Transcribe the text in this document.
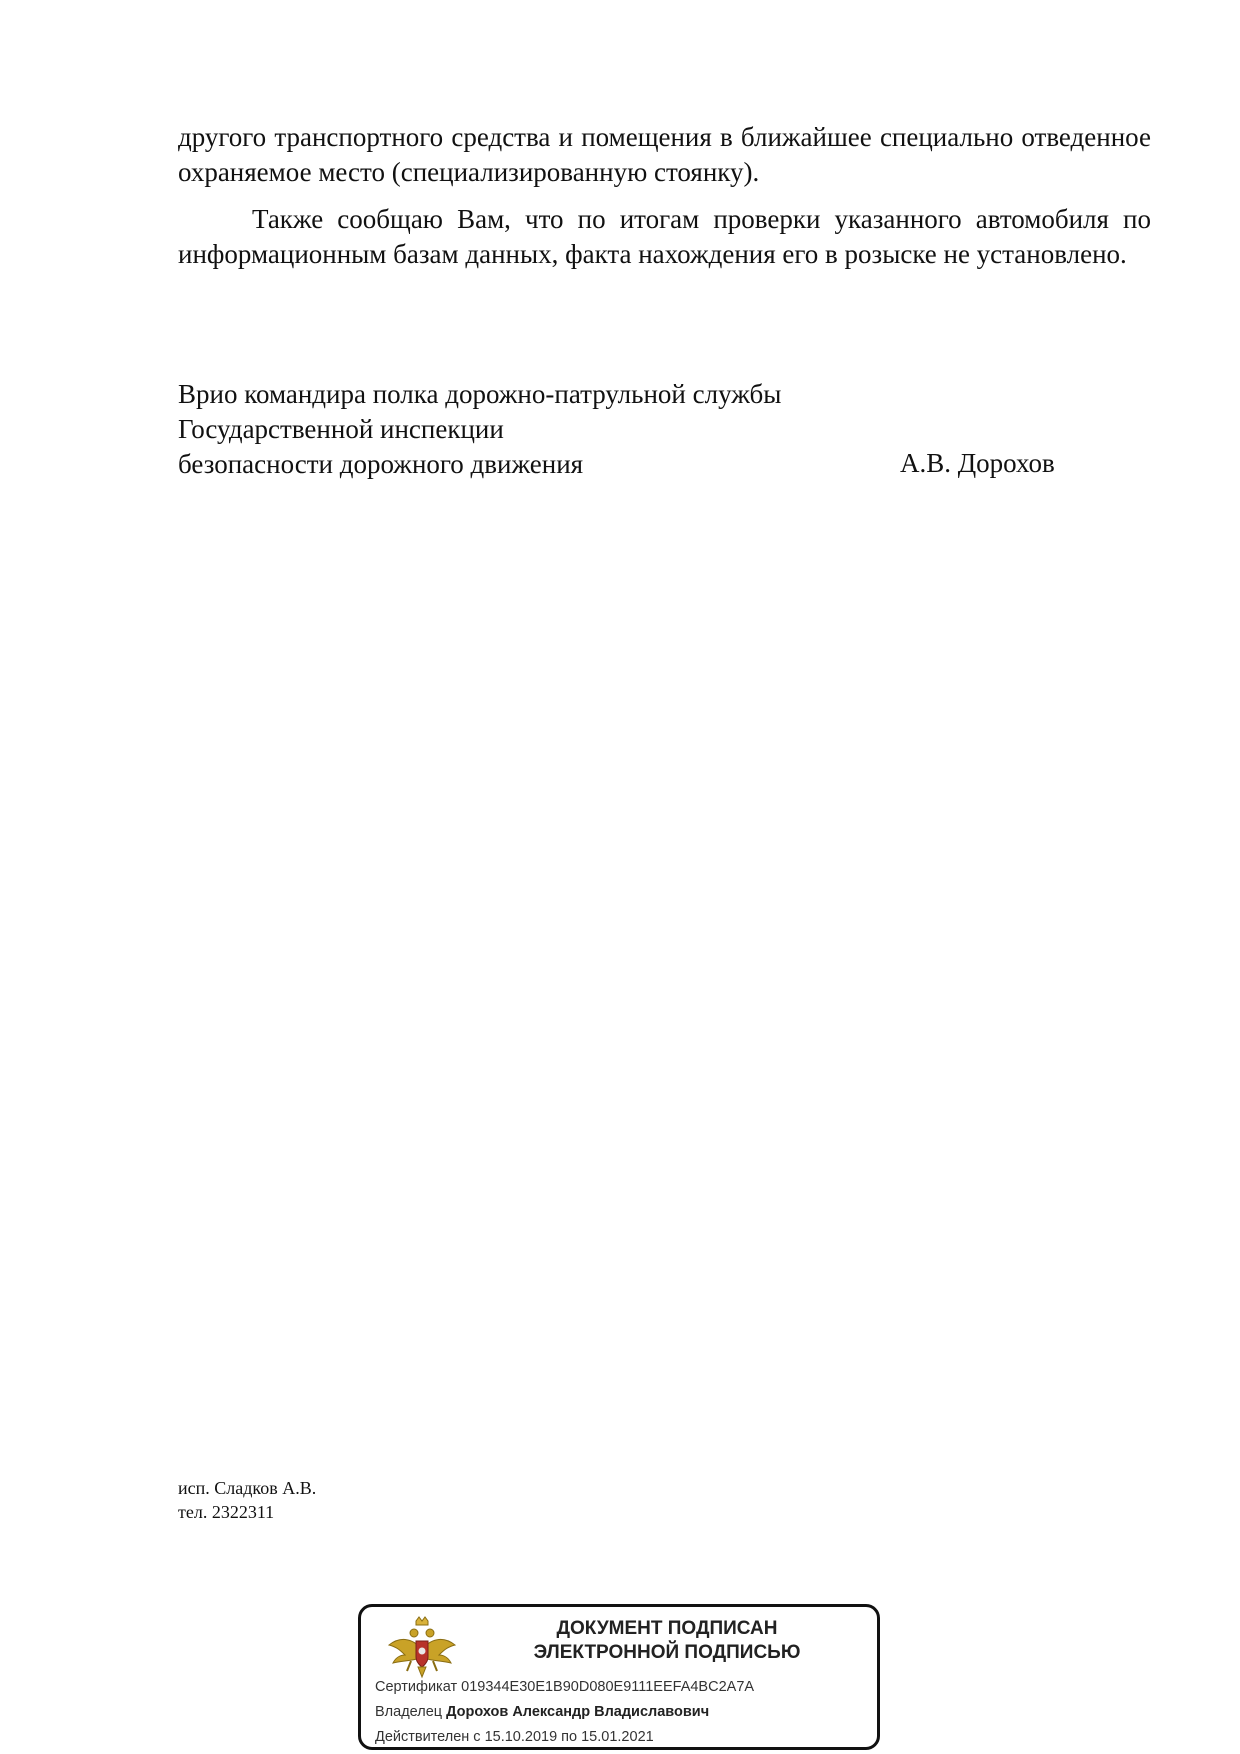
другого транспортного средства и помещения в ближайшее специально отведенное охраняемое место (специализированную стоянку).
Также сообщаю Вам, что по итогам проверки указанного автомобиля по информационным базам данных, факта нахождения его в розыске не установлено.
Врио командира полка дорожно-патрульной службы
Государственной инспекции
безопасности дорожного движения	А.В. Дорохов
исп. Сладков А.В.
тел. 2322311
ДОКУМЕНТ ПОДПИСАН
ЭЛЕКТРОННОЙ ПОДПИСЬЮ
Сертификат 019344E30E1B90D080E9111EEFA4BC2A7A
Владелец Дорохов Александр Владиславович
Действителен с 15.10.2019 по 15.01.2021
